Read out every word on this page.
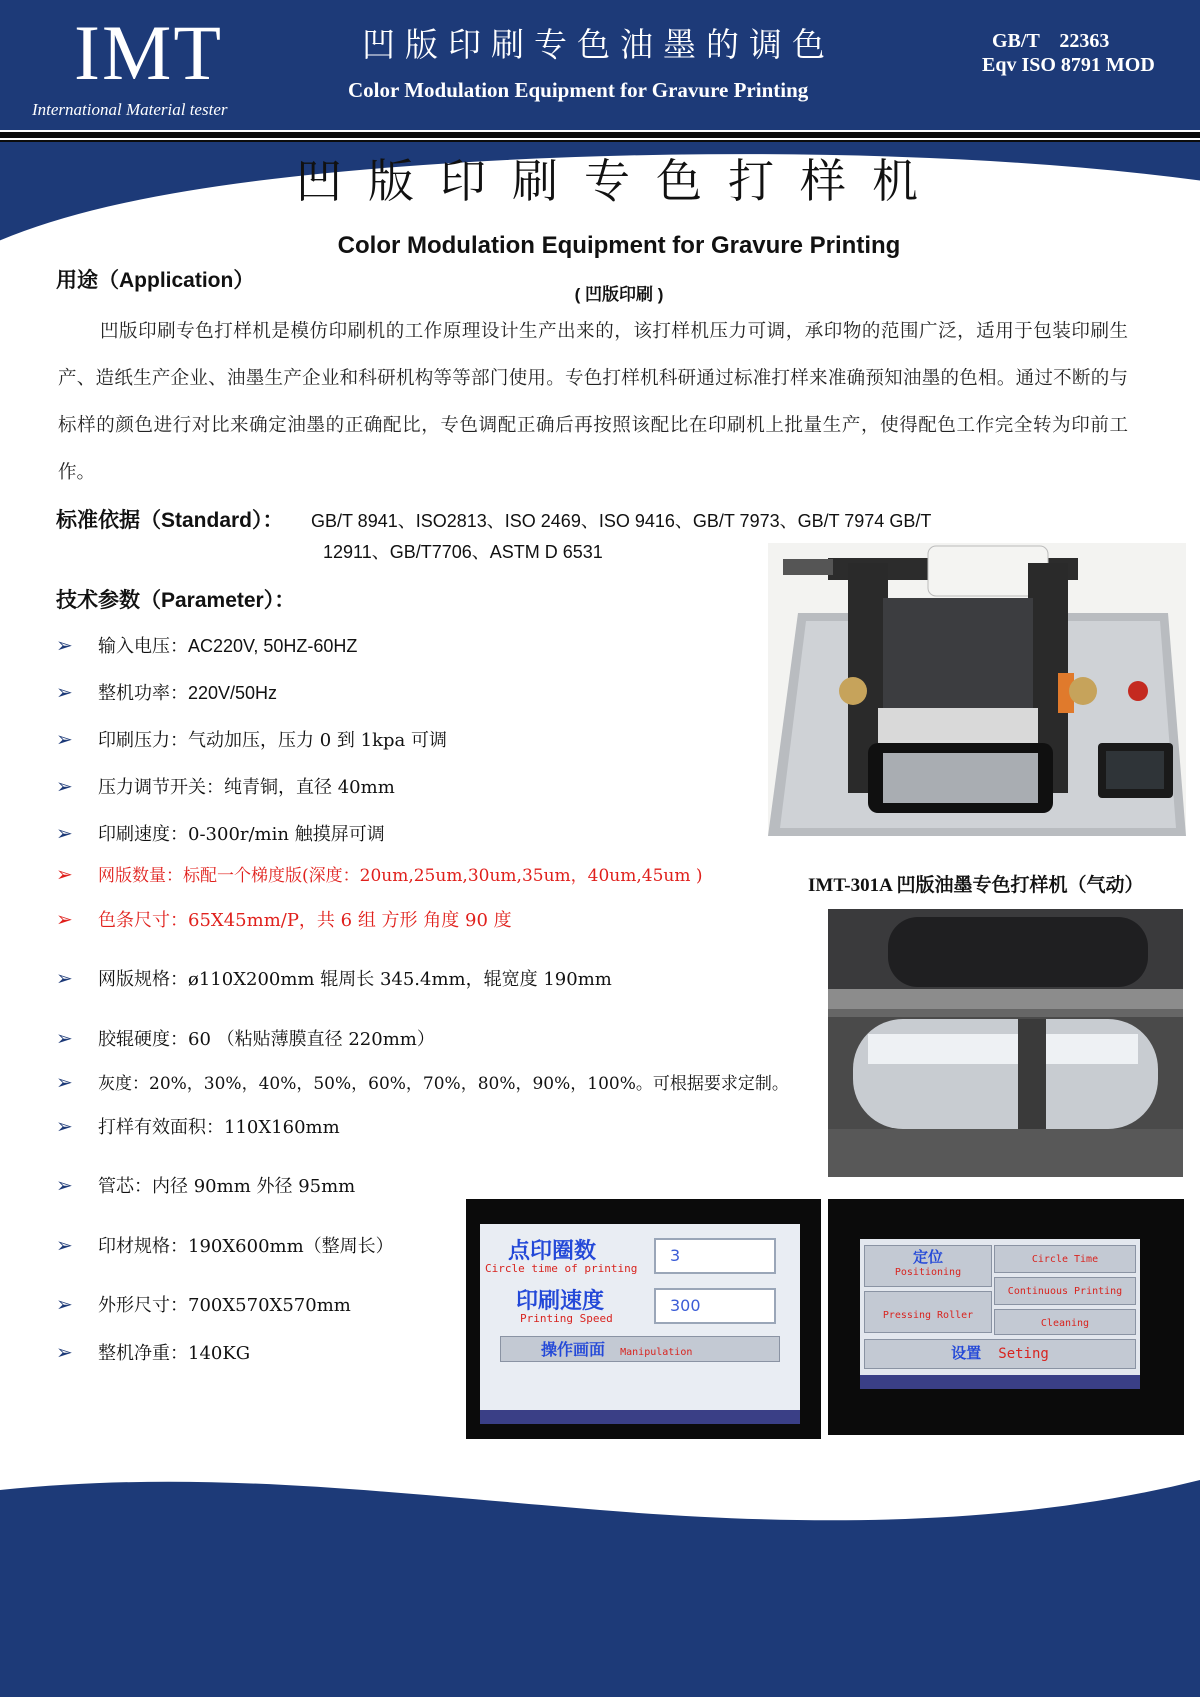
IMT
International Material tester
凹版印刷专色油墨的调色
Color Modulation Equipment for Gravure Printing
GB/T    22363
Eqv ISO 8791 MOD
凹版印刷专色打样机
Color Modulation Equipment for Gravure Printing
( 凹版印刷 )
用途（Application）
凹版印刷专色打样机是模仿印刷机的工作原理设计生产出来的，该打样机压力可调，承印物的范围广泛，适用于包装印刷生产、造纸生产企业、油墨生产企业和科研机构等等部门使用。专色打样机科研通过标准打样来准确预知油墨的色相。通过不断的与标样的颜色进行对比来确定油墨的正确配比，专色调配正确后再按照该配比在印刷机上批量生产，使得配色工作完全转为印前工作。
标准依据（Standard）： GB/T 8941、ISO2813、ISO 2469、ISO 9416、GB/T 7973、GB/T 7974 GB/T
12911、GB/T7706、ASTM D 6531
技术参数（Parameter）：
➢ 输入电压：AC220V, 50HZ-60HZ
➢ 整机功率：220V/50Hz
➢ 印刷压力：气动加压，压力 0 到 1kpa 可调
➢ 压力调节开关：纯青铜，直径 40mm
➢ 印刷速度：0-300r/min 触摸屏可调
➢ 网版数量：标配一个梯度版(深度：20um,25um,30um,35um，40um,45um )
➢ 色条尺寸：65X45mm/P，共 6 组 方形 角度 90 度
➢ 网版规格：ø110X200mm 辊周长 345.4mm，辊宽度 190mm
➢ 胶辊硬度：60 （粘贴薄膜直径 220mm）
➢ 灰度：20%，30%，40%，50%，60%，70%，80%，90%，100%。可根据要求定制。
➢ 打样有效面积：110X160mm
➢ 管芯：内径 90mm 外径 95mm
➢ 印材规格：190X600mm（整周长）
➢ 外形尺寸：700X570X570mm
➢ 整机净重：140KG
IMT-301A 凹版油墨专色打样机（气动）
点印圈数
Circle time of printing
3
印刷速度
Printing Speed
300
操作画面 Manipulation
定位
Positioning
Circle Time
Pressing Roller
Continuous Printing
Cleaning
设置 Seting
